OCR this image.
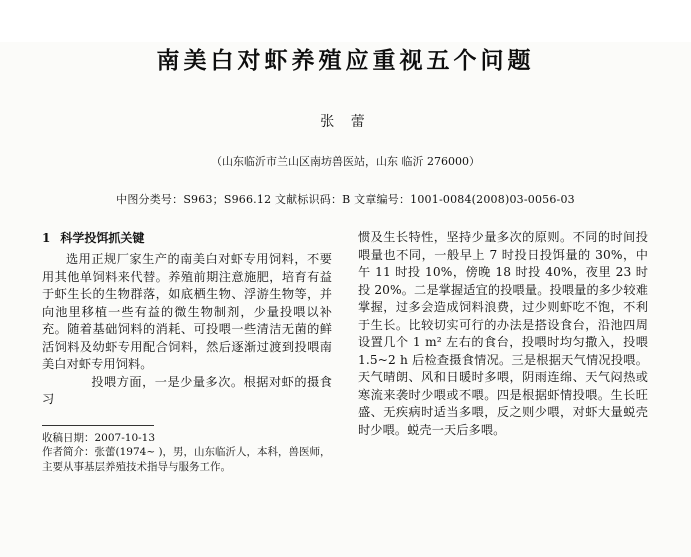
南美白对虾养殖应重视五个问题
张 蕾
（山东临沂市兰山区南坊兽医站，山东 临沂 276000）
中图分类号：S963；S966.12 文献标识码：B 文章编号：1001-0084(2008)03-0056-03
1 科学投饵抓关键

选用正规厂家生产的南美白对虾专用饲料，不要用其他单饲料来代替。养殖前期注意施肥，培育有益于虾生长的生物群落，如底栖生物、浮游生物等，并向池里移植一些有益的微生物制剂，少量投喂以补充。随着基础饲料的消耗、可投喂一些清洁无菌的鲜活饲料及幼虾专用配合饲料，然后逐渐过渡到投喂南美白对虾专用饲料。

　　投喂方面，一是少量多次。根据对虾的摄食习

收稿日期：2007-10-13
作者简介：张蕾(1974~ )，男，山东临沂人，本科，兽医师，
主要从事基层养殖技术指导与服务工作。

惯及生长特性，坚持少量多次的原则。不同的时间投喂量也不同，一般早上 7 时投日投饵量的 30%，中午 11 时投 10%，傍晚 18 时投 40%，夜里 23 时投 20%。二是掌握适宜的投喂量。投喂量的多少较难掌握，过多会造成饲料浪费，过少则虾吃不饱，不利于生长。比较切实可行的办法是搭设食台，沿池四周设置几个 1 m² 左右的食台，投喂时均匀撒入，投喂 1.5~2 h 后检查摄食情况。三是根据天气情况投喂。天气晴朗、风和日暖时多喂，阴雨连绵、天气闷热或寒流来袭时少喂或不喂。四是根据虾情投喂。生长旺盛、无疾病时适当多喂，反之则少喂，对虾大量蜕壳时少喂。蜕壳一天后多喂。
